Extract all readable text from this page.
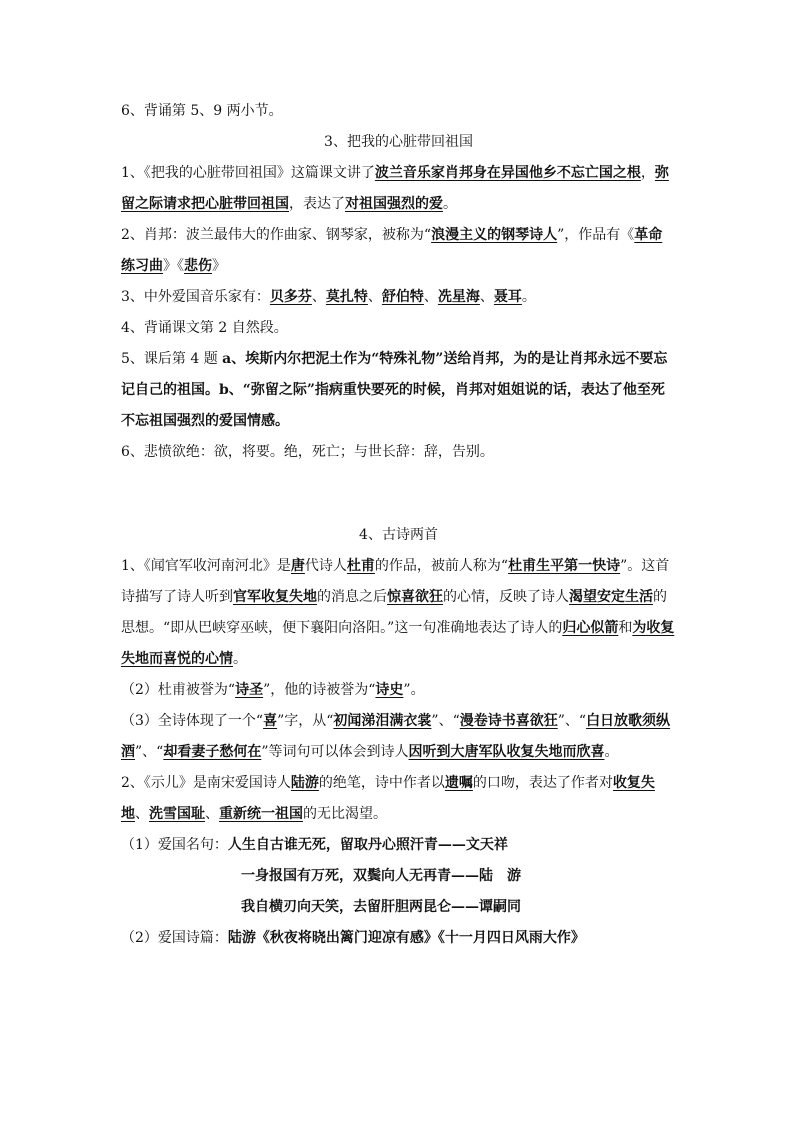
6、背诵第 5、9 两小节。

3、把我的心脏带回祖国

1、《把我的心脏带回祖国》这篇课文讲了波兰音乐家肖邦身在异国他乡不忘亡国之根，弥留之际请求把心脏带回祖国，表达了对祖国强烈的爱。

2、肖邦：波兰最伟大的作曲家、钢琴家，被称为“浪漫主义的钢琴诗人”，作品有《革命练习曲》《悲伤》

3、中外爱国音乐家有：贝多芬、莫扎特、舒伯特、冼星海、聂耳。

4、背诵课文第 2 自然段。

5、课后第 4 题 a、埃斯内尔把泥土作为“特殊礼物”送给肖邦，为的是让肖邦永远不要忘记自己的祖国。b、“弥留之际”指病重快要死的时候，肖邦对姐姐说的话，表达了他至死不忘祖国强烈的爱国情感。

6、悲愤欲绝：欲，将要。绝，死亡；与世长辞：辞，告别。

4、古诗两首

1、《闻官军收河南河北》是唐代诗人杜甫的作品，被前人称为“杜甫生平第一快诗”。这首诗描写了诗人听到官军收复失地的消息之后惊喜欲狂的心情，反映了诗人渴望安定生活的思想。“即从巴峡穿巫峡，便下襄阳向洛阳。”这一句准确地表达了诗人的归心似箭和为收复失地而喜悦的心情。

（2）杜甫被誉为“诗圣”，他的诗被誉为“诗史”。

（3）全诗体现了一个“喜”字，从“初闻涕泪满衣裳”、“漫卷诗书喜欲狂”、“白日放歌须纵酒”、“却看妻子愁何在”等词句可以体会到诗人因听到大唐军队收复失地而欣喜。

2、《示儿》是南宋爱国诗人陆游的绝笔，诗中作者以遗嘱的口吻，表达了作者对收复失地、洗雪国耻、重新统一祖国的无比渴望。

（1）爱国名句： 人生自古谁无死，留取丹心照汗青——文天祥
一身报国有万死，双鬓向人无再青——陆　游
我自横刃向天笑，去留肝胆两昆仑——谭嗣同

（2）爱国诗篇：陆游《秋夜将晓出篱门迎凉有感》《十一月四日风雨大作》
